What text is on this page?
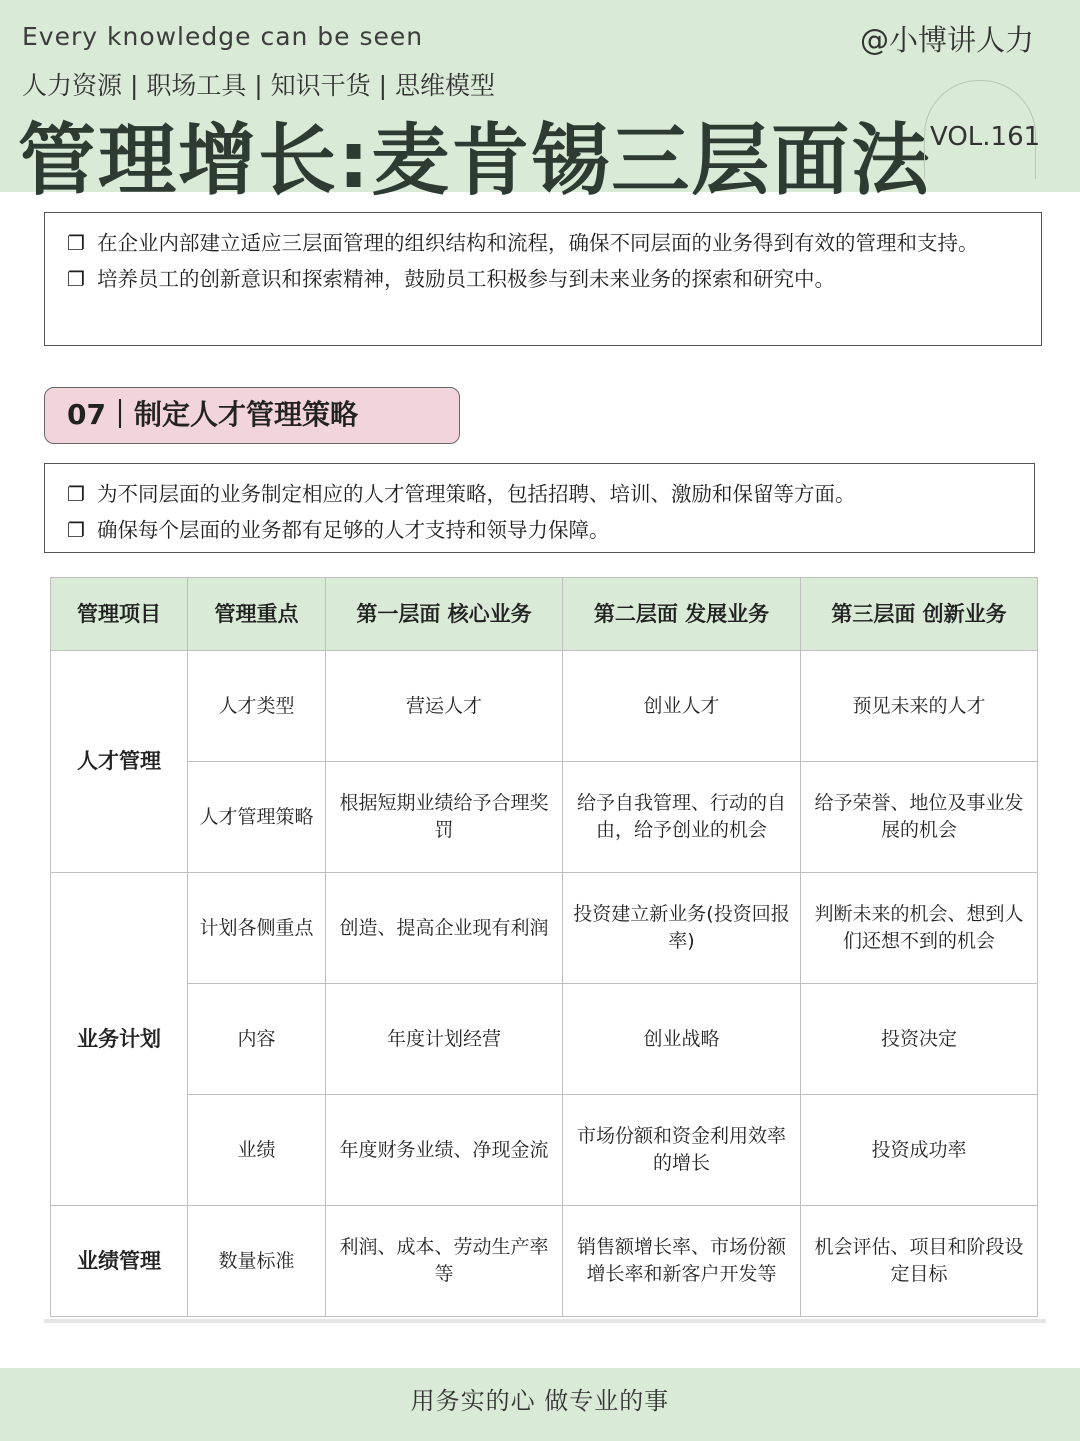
Every knowledge can be seen	@小博讲人力
人力资源 | 职场工具 | 知识干货 | 思维模型
管理增长:麦肯锡三层面法
VOL.161
❐ 在企业内部建立适应三层面管理的组织结构和流程，确保不同层面的业务得到有效的管理和支持。
❐ 培养员工的创新意识和探索精神，鼓励员工积极参与到未来业务的探索和研究中。
07｜制定人才管理策略
❐ 为不同层面的业务制定相应的人才管理策略，包括招聘、培训、激励和保留等方面。
❐ 确保每个层面的业务都有足够的人才支持和领导力保障。
管理项目	管理重点	第一层面 核心业务	第二层面 发展业务	第三层面 创新业务
人才管理	人才类型	营运人才	创业人才	预见未来的人才
	人才管理策略	根据短期业绩给予合理奖罚	给予自我管理、行动的自由，给予创业的机会	给予荣誉、地位及事业发展的机会
业务计划	计划各侧重点	创造、提高企业现有利润	投资建立新业务(投资回报率)	判断未来的机会、想到人们还想不到的机会
	内容	年度计划经营	创业战略	投资决定
	业绩	年度财务业绩、净现金流	市场份额和资金利用效率的增长	投资成功率
业绩管理	数量标准	利润、成本、劳动生产率等	销售额增长率、市场份额增长率和新客户开发等	机会评估、项目和阶段设定目标
用务实的心 做专业的事
